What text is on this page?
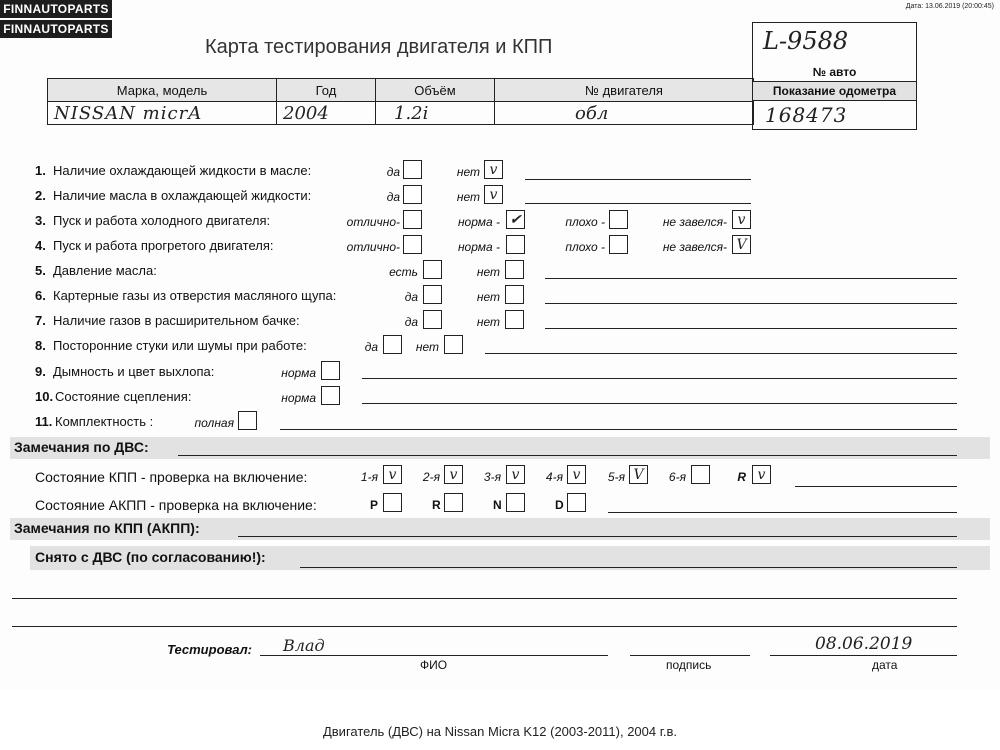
FINNAUTOPARTS
FINNAUTOPARTS
Дата: 13.06.2019 (20:00:45)
Карта тестирования двигателя и КПП
Марка, модель	Год	Объём	№ двигателя
NISSAN micrA	2004	1.2i	обл
L-9588
№ авто
Показание одометра
168473
1. Наличие охлаждающей жидкости в масле:	да	нет v
2. Наличие масла в охлаждающей жидкости:	да	нет v
3. Пуск и работа холодного двигателя:	отлично-	норма - ✔	плохо -	не завелся- v
4. Пуск и работа прогретого двигателя:	отлично-	норма -	плохо -	не завелся- V
5. Давление масла:	есть	нет
6. Картерные газы из отверстия масляного щупа:	да	нет
7. Наличие газов в расширительном бачке:	да	нет
8. Посторонние стуки или шумы при работе:	да	нет
9. Дымность и цвет выхлопа:	норма
10. Состояние сцепления:	норма
11. Комплектность :	полная
Замечания по ДВС:
Состояние КПП - проверка на включение:	1-я v	2-я v	3-я v	4-я v	5-я V	6-я	R v
Состояние АКПП - проверка на включение:	P	R	N	D
Замечания по КПП (АКПП):
Снято с ДВС (по согласованию!):
Тестировал: Влад
ФИО	подпись
08.06.2019
дата
Двигатель (ДВС) на Nissan Micra K12 (2003-2011), 2004 г.в.
